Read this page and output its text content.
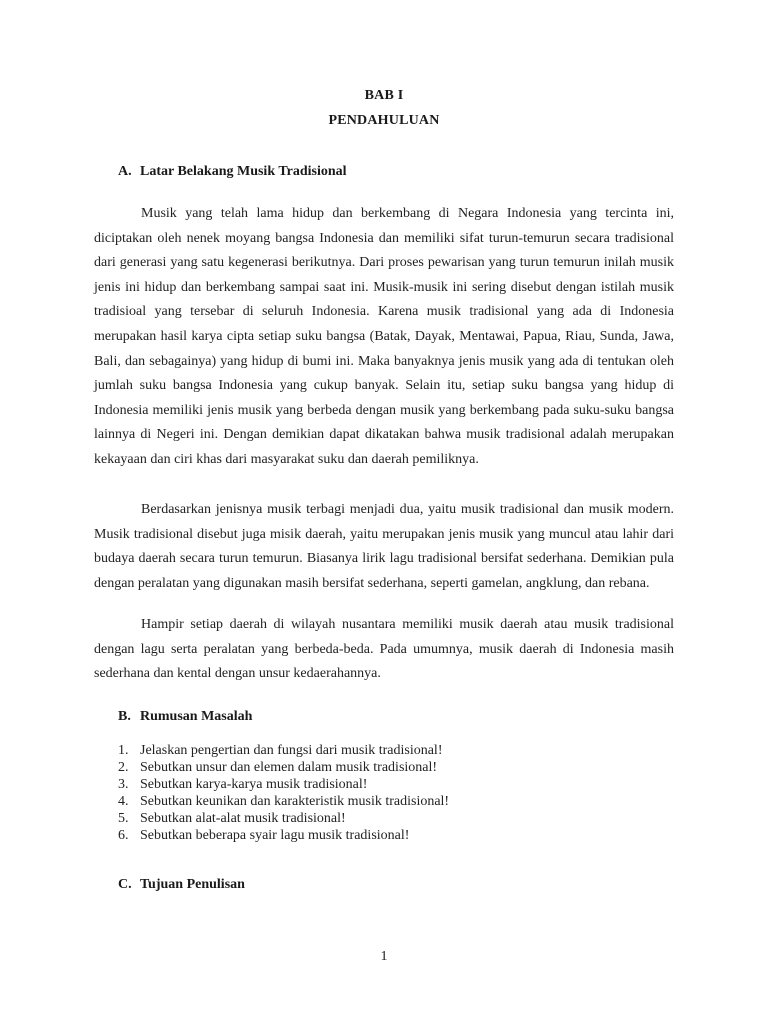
BAB I
PENDAHULUAN
A. Latar Belakang Musik Tradisional

Musik yang telah lama hidup dan berkembang di Negara Indonesia yang tercinta ini, diciptakan oleh nenek moyang bangsa Indonesia dan memiliki sifat turun-temurun secara tradisional dari generasi yang satu kegenerasi berikutnya. Dari proses pewarisan yang turun temurun inilah musik jenis ini hidup dan berkembang sampai saat ini. Musik-musik ini sering disebut dengan istilah musik tradisioal yang tersebar di seluruh Indonesia. Karena musik tradisional yang ada di Indonesia merupakan hasil karya cipta setiap suku bangsa (Batak, Dayak, Mentawai, Papua, Riau, Sunda, Jawa, Bali, dan sebagainya) yang hidup di bumi ini. Maka banyaknya jenis musik yang ada di tentukan oleh jumlah suku bangsa Indonesia yang cukup banyak. Selain itu, setiap suku bangsa yang hidup di Indonesia memiliki jenis musik yang berbeda dengan musik yang berkembang pada suku-suku bangsa lainnya di Negeri ini. Dengan demikian dapat dikatakan bahwa musik tradisional adalah merupakan kekayaan dan ciri khas dari masyarakat suku dan daerah pemiliknya.

Berdasarkan jenisnya musik terbagi menjadi dua, yaitu musik tradisional dan musik modern. Musik tradisional disebut juga misik daerah, yaitu merupakan jenis musik yang muncul atau lahir dari budaya daerah secara turun temurun. Biasanya lirik lagu tradisional bersifat sederhana. Demikian pula dengan peralatan yang digunakan masih bersifat sederhana, seperti gamelan, angklung, dan rebana.

Hampir setiap daerah di wilayah nusantara memiliki musik daerah atau musik tradisional dengan lagu serta peralatan yang berbeda-beda. Pada umumnya, musik daerah di Indonesia masih sederhana dan kental dengan unsur kedaerahannya.

B. Rumusan Masalah
1. Jelaskan pengertian dan fungsi dari musik tradisional!
2. Sebutkan unsur dan elemen dalam musik tradisional!
3. Sebutkan karya-karya musik tradisional!
4. Sebutkan keunikan dan karakteristik musik tradisional!
5. Sebutkan alat-alat musik tradisional!
6. Sebutkan beberapa syair lagu musik tradisional!
C. Tujuan Penulisan
1
